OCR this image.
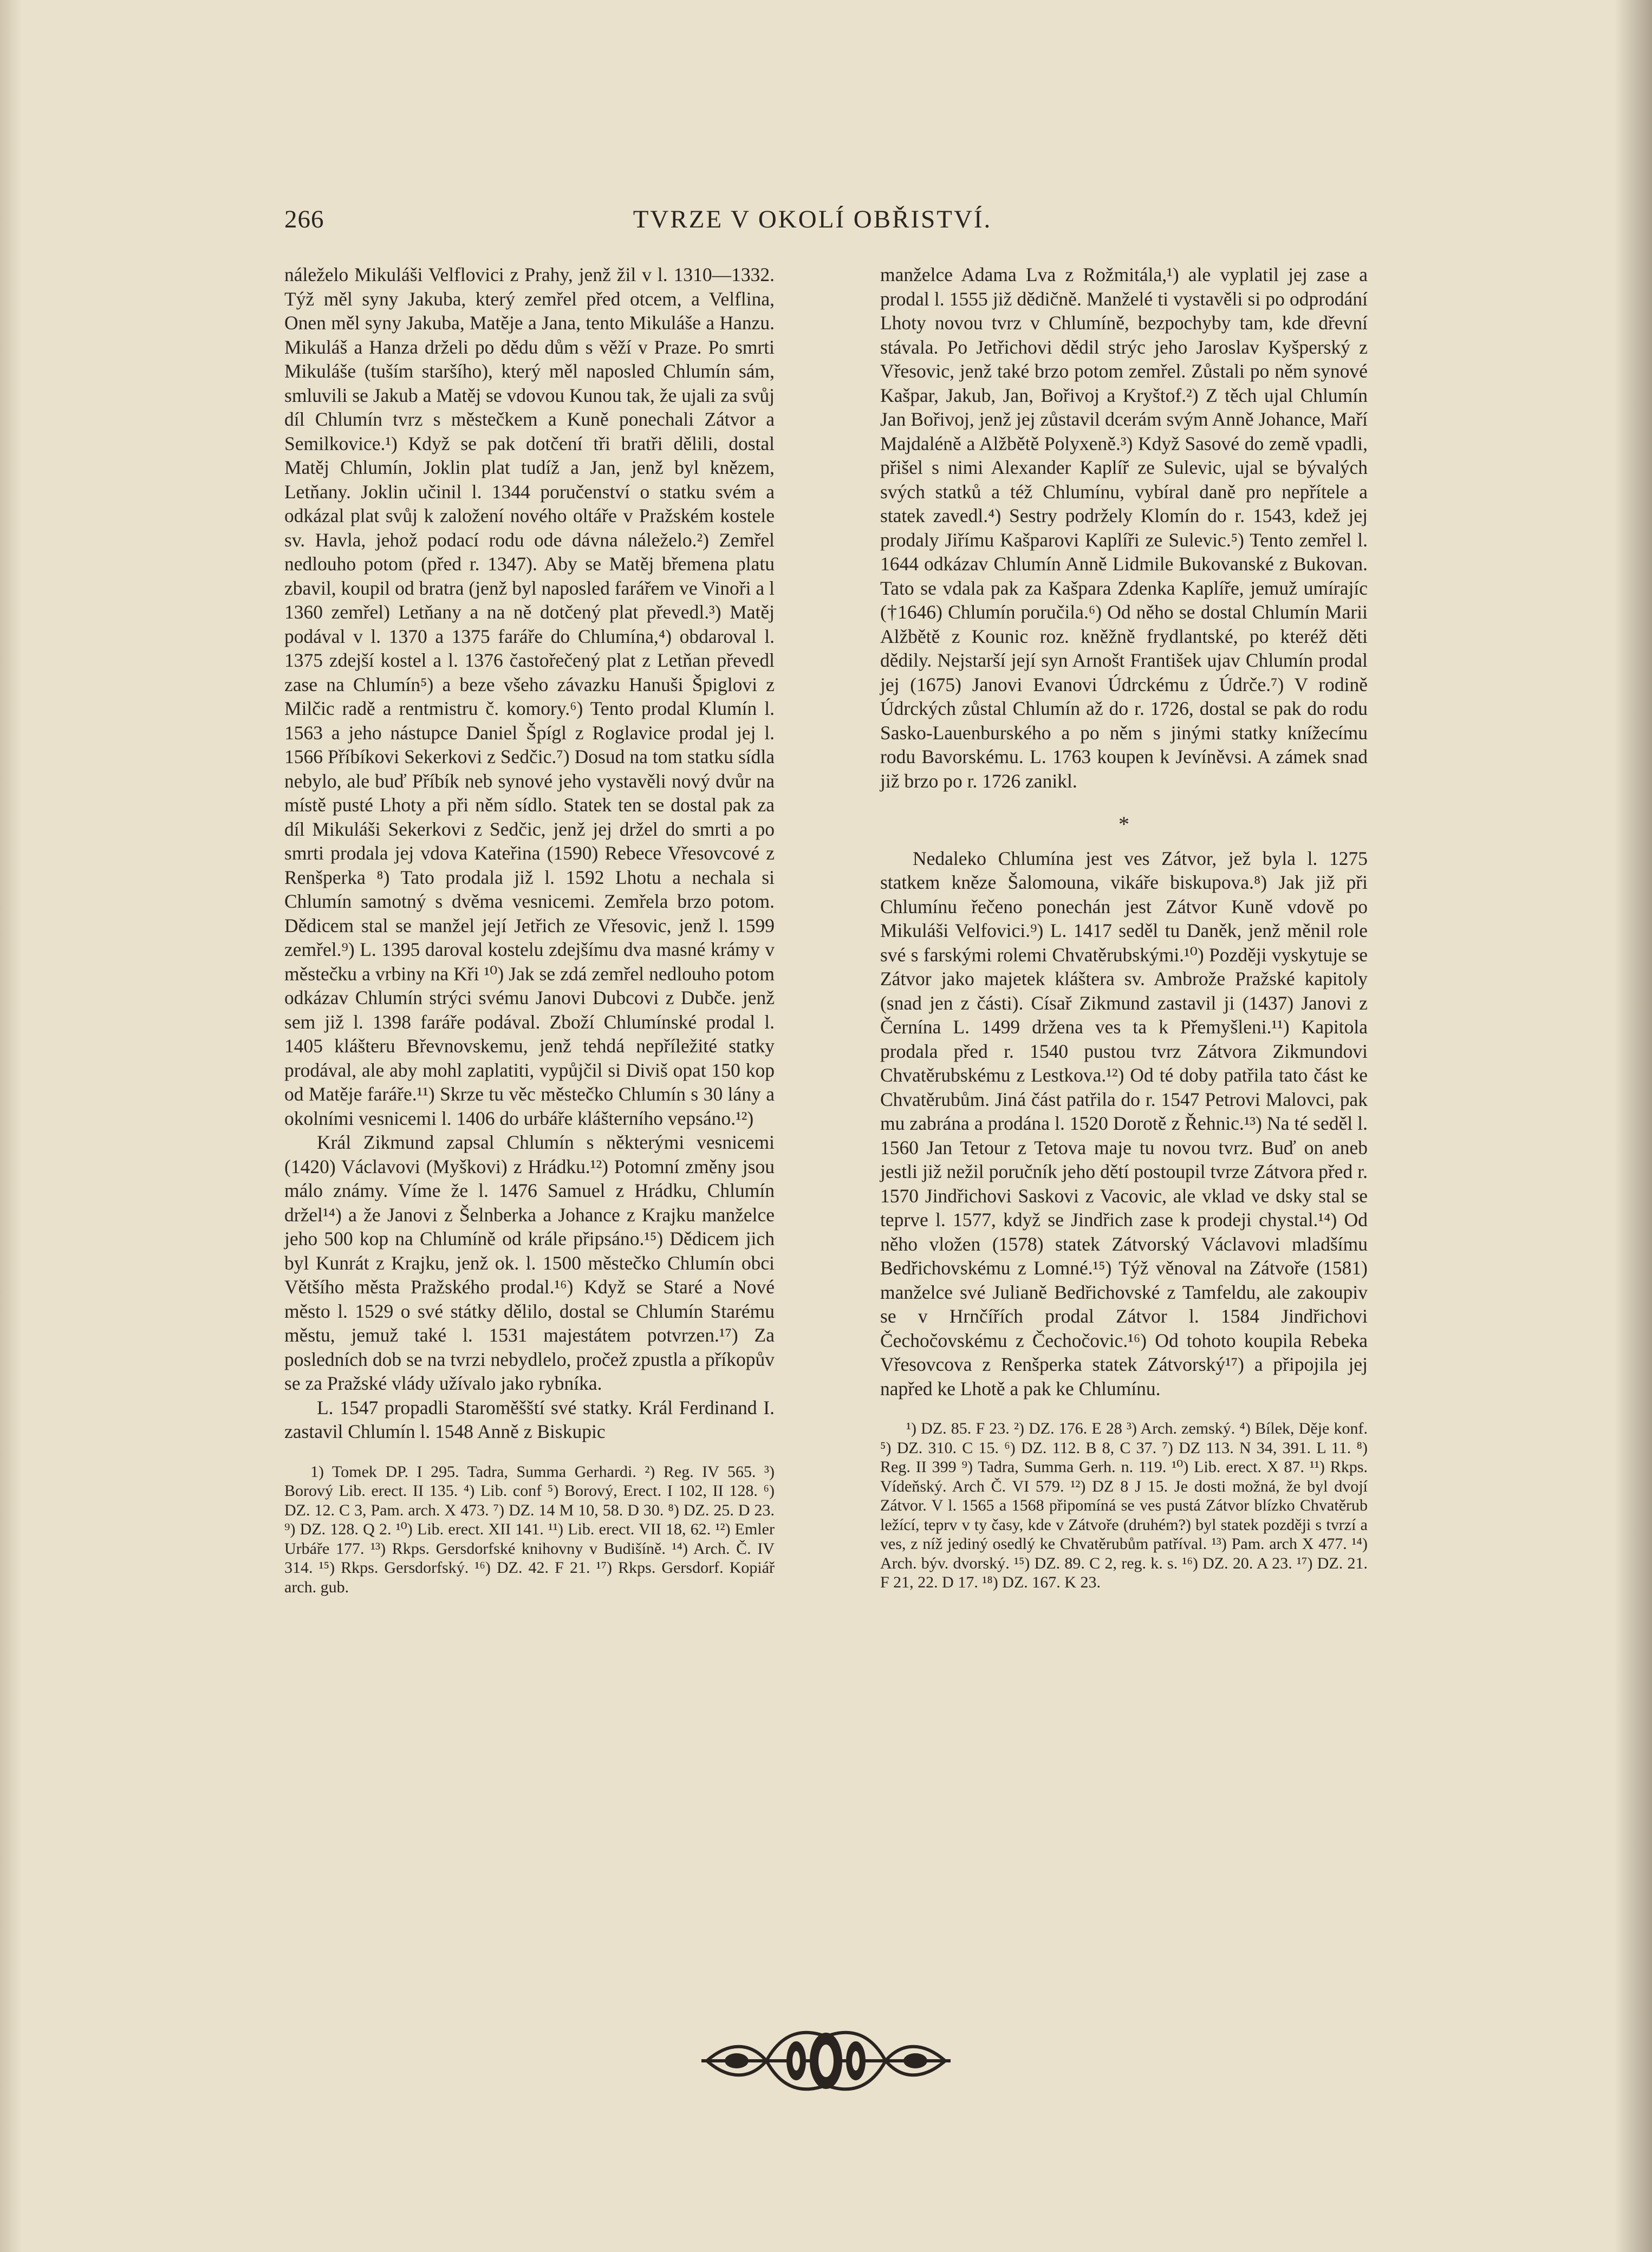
266	TVRZE V OKOLÍ OBŘISTVÍ.

náleželo Mikuláši Velflovici z Prahy, jenž žil v l. 1310—1332. Týž měl syny Jakuba, který zemřel před otcem, a Velflina, Onen měl syny Jakuba, Matěje a Jana, tento Mikuláše a Hanzu. Mikuláš a Hanza drželi po dědu dům s věží v Praze. Po smrti Mikuláše (tuším staršího), který měl naposled Chlumín sám, smluvili se Jakub a Matěj se vdovou Kunou tak, že ujali za svůj díl Chlumín tvrz s městečkem a Kuně ponechali Zátvor a Semilkovice.¹) Když se pak dotčení tři bratři dělili, dostal Matěj Chlumín, Joklin plat tudíž a Jan, jenž byl knězem, Letňany. Joklin učinil l. 1344 poručenství o statku svém a odkázal plat svůj k založení nového oltáře v Pražském kostele sv. Havla, jehož podací rodu ode dávna náleželo.²) Zemřel nedlouho potom (před r. 1347). Aby se Matěj břemena platu zbavil, koupil od bratra (jenž byl naposled farářem ve Vinoři a l 1360 zemřel) Letňany a na ně dotčený plat převedl.³) Matěj podával v l. 1370 a 1375 faráře do Chlumína,⁴) obdaroval l. 1375 zdejší kostel a l. 1376 častořečený plat z Letňan převedl zase na Chlumín⁵) a beze všeho závazku Hanuši Špiglovi z Milčic radě a rentmistru č. komory.⁶) Tento prodal Klumín l. 1563 a jeho nástupce Daniel Špígl z Roglavice prodal jej l. 1566 Příbíkovi Sekerkovi z Sedčic.⁷) Dosud na tom statku sídla nebylo, ale buď Příbík neb synové jeho vystavěli nový dvůr na místě pusté Lhoty a při něm sídlo. Statek ten se dostal pak za díl Mikuláši Sekerkovi z Sedčic, jenž jej držel do smrti a po smrti prodala jej vdova Kateřina (1590) Rebece Vřesovcové z Renšperka ⁸) Tato prodala již l. 1592 Lhotu a nechala si Chlumín samotný s dvěma vesnicemi. Zemřela brzo potom. Dědicem stal se manžel její Jetřich ze Vřesovic, jenž l. 1599 zemřel.⁹) L. 1395 daroval kostelu zdejšímu dva masné krámy v městečku a vrbiny na Kři ¹⁰) Jak se zdá zemřel nedlouho potom odkázav Chlumín strýci svému Janovi Dubcovi z Dubče. jenž sem již l. 1398 faráře podával. Zboží Chlumínské prodal l. 1405 klášteru Břevnovskemu, jenž tehdá nepříležité statky prodával, ale aby mohl zaplatiti, vypůjčil si Diviš opat 150 kop od Matěje faráře.¹¹) Skrze tu věc městečko Chlumín s 30 lány a okolními vesnicemi l. 1406 do urbáře klášterního vepsáno.¹²)

Král Zikmund zapsal Chlumín s některými vesnicemi (1420) Václavovi (Myškovi) z Hrádku.¹²) Potomní změny jsou málo známy. Víme že l. 1476 Samuel z Hrádku, Chlumín držel¹⁴) a že Janovi z Šelnberka a Johance z Krajku manželce jeho 500 kop na Chlumíně od krále připsáno.¹⁵) Dědicem jich byl Kunrát z Krajku, jenž ok. l. 1500 městečko Chlumín obci Většího města Pražského prodal.¹⁶) Když se Staré a Nové město l. 1529 o své státky dělilo, dostal se Chlumín Starému městu, jemuž také l. 1531 majestátem potvrzen.¹⁷) Za posledních dob se na tvrzi nebydlelo, pročež zpustla a příkopův se za Pražské vlády užívalo jako rybníka.

L. 1547 propadli Staroměšští své statky. Král Ferdinand I. zastavil Chlumín l. 1548 Anně z Biskupic

1) Tomek DP. I 295. Tadra, Summa Gerhardi. ²) Reg. IV 565. ³) Borový Lib. erect. II 135. ⁴) Lib. conf ⁵) Borový, Erect. I 102, II 128. ⁶) DZ. 12. C 3, Pam. arch. X 473. ⁷) DZ. 14 M 10, 58. D 30. ⁸) DZ. 25. D 23. ⁹) DZ. 128. Q 2. ¹⁰) Lib. erect. XII 141. ¹¹) Lib. erect. VII 18, 62. ¹²) Emler Urbáře 177. ¹³) Rkps. Gersdorfské knihovny v Budišíně. ¹⁴) Arch. Č. IV 314. ¹⁵) Rkps. Gersdorfský. ¹⁶) DZ. 42. F 21. ¹⁷) Rkps. Gersdorf. Kopiář arch. gub.

manželce Adama Lva z Rožmitála,¹) ale vyplatil jej zase a prodal l. 1555 již dědičně. Manželé ti vystavěli si po odprodání Lhoty novou tvrz v Chlumíně, bezpochyby tam, kde dřevní stávala. Po Jetřichovi dědil strýc jeho Jaroslav Kyšperský z Vřesovic, jenž také brzo potom zemřel. Zůstali po něm synové Kašpar, Jakub, Jan, Bořivoj a Kryštof.²) Z těch ujal Chlumín Jan Bořivoj, jenž jej zůstavil dcerám svým Anně Johance, Maří Majdaléně a Alžbětě Polyxeně.³) Když Sasové do země vpadli, přišel s nimi Alexander Kaplíř ze Sulevic, ujal se bývalých svých statků a též Chlumínu, vybíral daně pro nepřítele a statek zavedl.⁴) Sestry podržely Klomín do r. 1543, kdež jej prodaly Jiřímu Kašparovi Kaplíři ze Sulevic.⁵) Tento zemřel l. 1644 odkázav Chlumín Anně Lidmile Bukovanské z Bukovan. Tato se vdala pak za Kašpara Zdenka Kaplíře, jemuž umírajíc (†1646) Chlumín poručila.⁶) Od něho se dostal Chlumín Marii Alžbětě z Kounic roz. kněžně frydlantské, po kteréž děti dědily. Nejstarší její syn Arnošt František ujav Chlumín prodal jej (1675) Janovi Evanovi Údrckému z Údrče.⁷) V rodině Údrckých zůstal Chlumín až do r. 1726, dostal se pak do rodu Sasko-Lauenburského a po něm s jinými statky knížecímu rodu Bavorskému. L. 1763 koupen k Jevíněvsi. A zámek snad již brzo po r. 1726 zanikl.

*

Nedaleko Chlumína jest ves Zátvor, jež byla l. 1275 statkem kněze Šalomouna, vikáře biskupova.⁸) Jak již při Chlumínu řečeno ponechán jest Zátvor Kuně vdově po Mikuláši Velfovici.⁹) L. 1417 seděl tu Daněk, jenž měnil role své s farskými rolemi Chvatěrubskými.¹⁰) Později vyskytuje se Zátvor jako majetek kláštera sv. Ambrože Pražské kapitoly (snad jen z části). Císař Zikmund zastavil ji (1437) Janovi z Černína L. 1499 držena ves ta k Přemyšleni.¹¹) Kapitola prodala před r. 1540 pustou tvrz Zátvora Zikmundovi Chvatěrubskému z Lestkova.¹²) Od té doby patřila tato část ke Chvatěrubům. Jiná část patřila do r. 1547 Petrovi Malovci, pak mu zabrána a prodána l. 1520 Dorotě z Řehnic.¹³) Na té seděl l. 1560 Jan Tetour z Tetova maje tu novou tvrz. Buď on aneb jestli již nežil poručník jeho dětí postoupil tvrze Zátvora před r. 1570 Jindřichovi Saskovi z Vacovic, ale vklad ve dsky stal se teprve l. 1577, když se Jindřich zase k prodeji chystal.¹⁴) Od něho vložen (1578) statek Zátvorský Václavovi mladšímu Bedřichovskému z Lomné.¹⁵) Týž věnoval na Zátvoře (1581) manželce své Julianě Bedřichovské z Tamfeldu, ale zakoupiv se v Hrnčířích prodal Zátvor l. 1584 Jindřichovi Čechočovskému z Čechočovic.¹⁶) Od tohoto koupila Rebeka Vřesovcova z Renšperka statek Zátvorský¹⁷) a připojila jej napřed ke Lhotě a pak ke Chlumínu.

¹) DZ. 85. F 23. ²) DZ. 176. E 28 ³) Arch. zemský. ⁴) Bílek, Děje konf. ⁵) DZ. 310. C 15. ⁶) DZ. 112. B 8, C 37. ⁷) DZ 113. N 34, 391. L 11. ⁸) Reg. II 399 ⁹) Tadra, Summa Gerh. n. 119. ¹⁰) Lib. erect. X 87. ¹¹) Rkps. Vídeňský. Arch Č. VI 579. ¹²) DZ 8 J 15. Je dosti možná, že byl dvojí Zátvor. V l. 1565 a 1568 připomíná se ves pustá Zátvor blízko Chvatěrub ležící, teprv v ty časy, kde v Zátvoře (druhém?) byl statek později s tvrzí a ves, z níž jediný osedlý ke Chvatěrubům patříval. ¹³) Pam. arch X 477. ¹⁴) Arch. býv. dvorský. ¹⁵) DZ. 89. C 2, reg. k. s. ¹⁶) DZ. 20. A 23. ¹⁷) DZ. 21. F 21, 22. D 17. ¹⁸) DZ. 167. K 23.
